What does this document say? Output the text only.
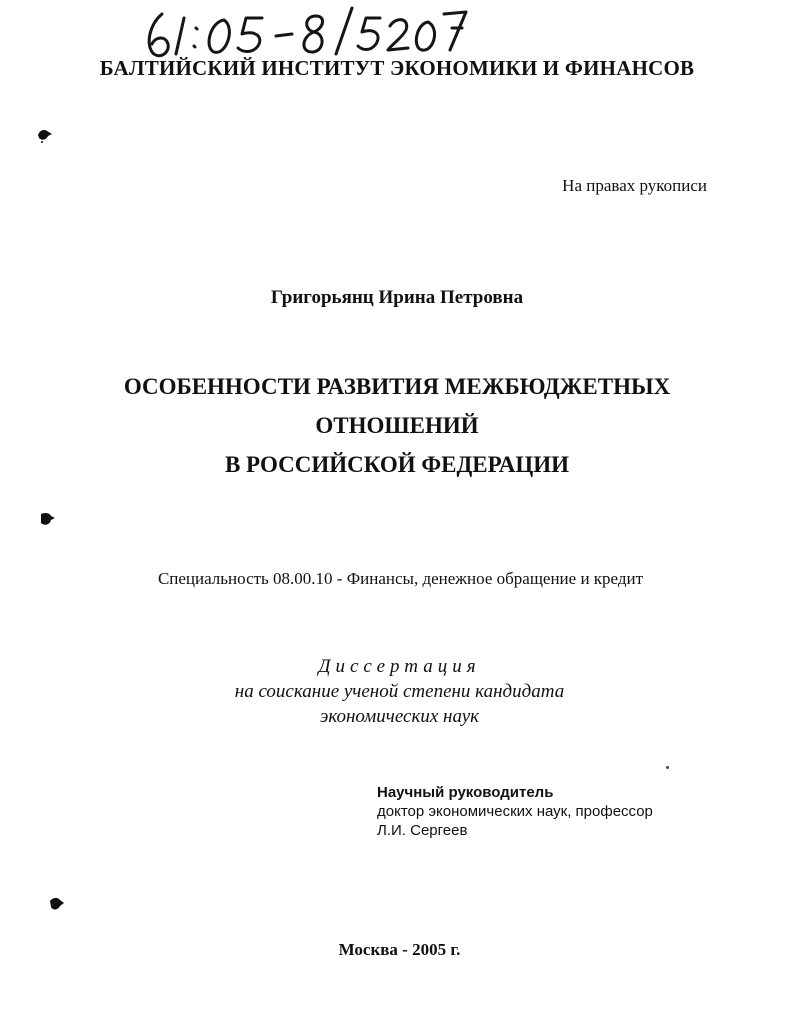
БАЛТИЙСКИЙ ИНСТИТУТ ЭКОНОМИКИ И ФИНАНСОВ
На правах рукописи
Григорьянц Ирина Петровна
ОСОБЕННОСТИ РАЗВИТИЯ МЕЖБЮДЖЕТНЫХ
ОТНОШЕНИЙ
В РОССИЙСКОЙ ФЕДЕРАЦИИ
Специальность 08.00.10 - Финансы, денежное обращение и кредит
Диссертация
на соискание ученой степени кандидата
экономических наук
Научный руководитель
доктор экономических наук, профессор
Л.И. Сергеев
Москва - 2005 г.
